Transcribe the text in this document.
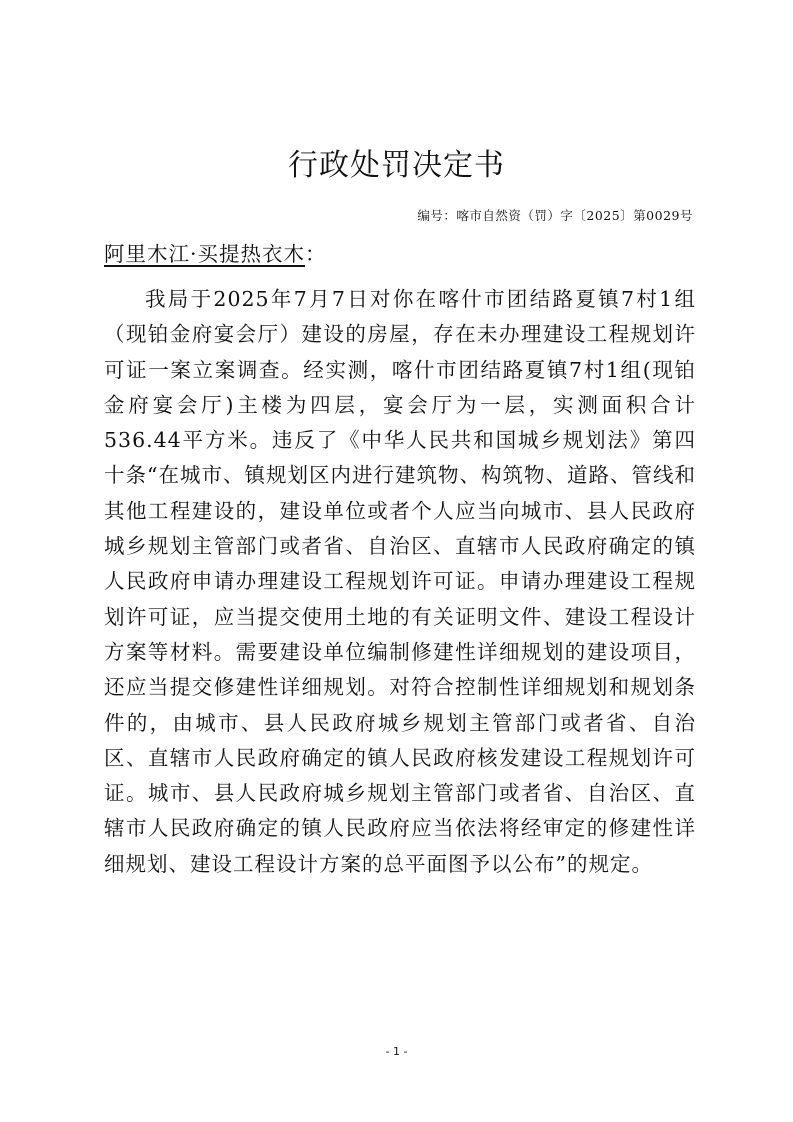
行政处罚决定书
编号：喀市自然资（罚）字〔2025〕第0029号
阿里木江·买提热衣木：

我局于2025年7月7日对你在喀什市团结路夏镇7村1组（现铂金府宴会厅）建设的房屋，存在未办理建设工程规划许可证一案立案调查。经实测，喀什市团结路夏镇7村1组(现铂金府宴会厅)主楼为四层，宴会厅为一层，实测面积合计536.44平方米。违反了《中华人民共和国城乡规划法》第四十条“在城市、镇规划区内进行建筑物、构筑物、道路、管线和其他工程建设的，建设单位或者个人应当向城市、县人民政府城乡规划主管部门或者省、自治区、直辖市人民政府确定的镇人民政府申请办理建设工程规划许可证。申请办理建设工程规划许可证，应当提交使用土地的有关证明文件、建设工程设计方案等材料。需要建设单位编制修建性详细规划的建设项目，还应当提交修建性详细规划。对符合控制性详细规划和规划条件的，由城市、县人民政府城乡规划主管部门或者省、自治区、直辖市人民政府确定的镇人民政府核发建设工程规划许可证。城市、县人民政府城乡规划主管部门或者省、自治区、直辖市人民政府确定的镇人民政府应当依法将经审定的修建性详细规划、建设工程设计方案的总平面图予以公布”的规定。

- 1 -
